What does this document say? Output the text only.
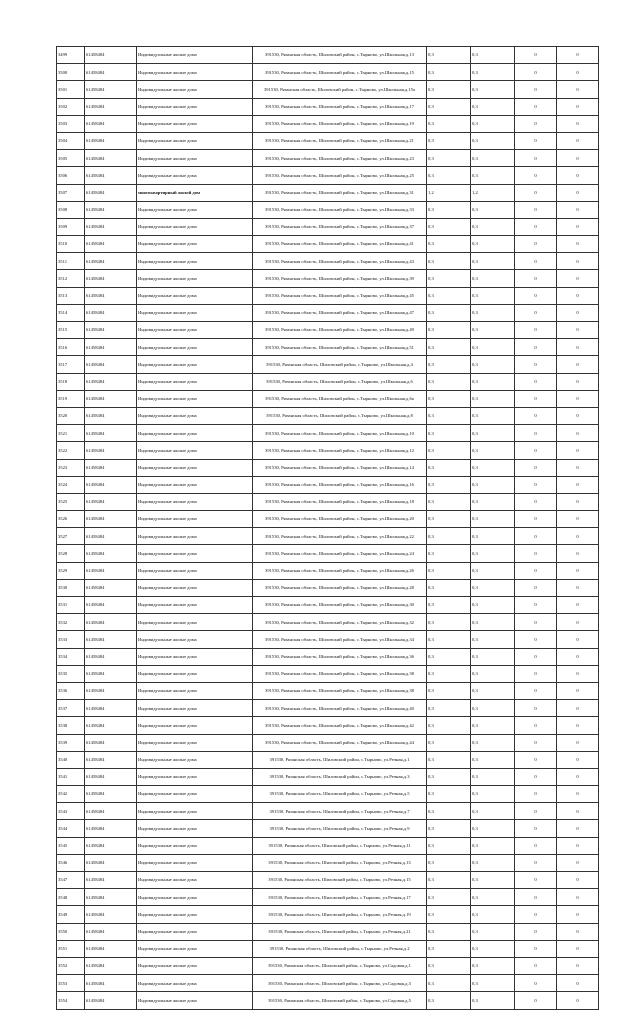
3499	61458484	Индивидуальные жилые дома	391530, Рязанская область, Шиловский район, с.Тырново, ул.Школьная,д.13	0,3	0,3	0	0
3500	61458484	Индивидуальные жилые дома	391530, Рязанская область, Шиловский район, с.Тырново, ул.Школьная,д.15	0,3	0,3	0	0
3501	61458484	Индивидуальные жилые дома	391530, Рязанская область, Шиловский район, с.Тырново, ул.Школьная,д.15а	0,3	0,3	0	0
3502	61458484	Индивидуальные жилые дома	391530, Рязанская область, Шиловский район, с.Тырново, ул.Школьная,д.17	0,3	0,3	0	0
3503	61458484	Индивидуальные жилые дома	391530, Рязанская область, Шиловский район, с.Тырново, ул.Школьная,д.19	0,3	0,3	0	0
3504	61458484	Индивидуальные жилые дома	391530, Рязанская область, Шиловский район, с.Тырново, ул.Школьная,д.21	0,3	0,3	0	0
3505	61458484	Индивидуальные жилые дома	391530, Рязанская область, Шиловский район, с.Тырново, ул.Школьная,д.23	0,3	0,3	0	0
3506	61458484	Индивидуальные жилые дома	391530, Рязанская область, Шиловский район, с.Тырново, ул.Школьная,д.25	0,3	0,3	0	0
3507	61458484	многоквартирный жилой дом	391530, Рязанская область, Шиловский район, с.Тырново, ул.Школьная,д.31	1,2	1,2	0	0
3508	61458484	Индивидуальные жилые дома	391530, Рязанская область, Шиловский район, с.Тырново, ул.Школьная,д.33	0,3	0,3	0	0
3509	61458484	Индивидуальные жилые дома	391530, Рязанская область, Шиловский район, с.Тырново, ул.Школьная,д.37	0,3	0,3	0	0
3510	61458484	Индивидуальные жилые дома	391530, Рязанская область, Шиловский район, с.Тырново, ул.Школьная,д.41	0,3	0,3	0	0
3511	61458484	Индивидуальные жилые дома	391530, Рязанская область, Шиловский район, с.Тырново, ул.Школьная,д.43	0,3	0,3	0	0
3512	61458484	Индивидуальные жилые дома	391530, Рязанская область, Шиловский район, с.Тырново, ул.Школьная,д.39	0,3	0,3	0	0
3513	61458484	Индивидуальные жилые дома	391530, Рязанская область, Шиловский район, с.Тырново, ул.Школьная,д.45	0,3	0,3	0	0
3514	61458484	Индивидуальные жилые дома	391530, Рязанская область, Шиловский район, с.Тырново, ул.Школьная,д.47	0,3	0,3	0	0
3515	61458484	Индивидуальные жилые дома	391530, Рязанская область, Шиловский район, с.Тырново, ул.Школьная,д.49	0,3	0,3	0	0
3516	61458484	Индивидуальные жилые дома	391530, Рязанская область, Шиловский район, с.Тырново, ул.Школьная,д.51	0,3	0,3	0	0
3517	61458484	Индивидуальные жилые дома	391530, Рязанская область, Шиловский район, с.Тырново, ул.Школьная,д.4	0,3	0,3	0	0
3518	61458484	Индивидуальные жилые дома	391530, Рязанская область, Шиловский район, с.Тырново, ул.Школьная,д.6	0,3	0,3	0	0
3519	61458484	Индивидуальные жилые дома	391530, Рязанская область, Шиловский район, с.Тырново, ул.Школьная,д.6а	0,3	0,3	0	0
3520	61458484	Индивидуальные жилые дома	391530, Рязанская область, Шиловский район, с.Тырново, ул.Школьная,д.8	0,3	0,3	0	0
3521	61458484	Индивидуальные жилые дома	391530, Рязанская область, Шиловский район, с.Тырново, ул.Школьная,д.10	0,3	0,3	0	0
3522	61458484	Индивидуальные жилые дома	391530, Рязанская область, Шиловский район, с.Тырново, ул.Школьная,д.12	0,3	0,3	0	0
3523	61458484	Индивидуальные жилые дома	391530, Рязанская область, Шиловский район, с.Тырново, ул.Школьная,д.14	0,3	0,3	0	0
3524	61458484	Индивидуальные жилые дома	391530, Рязанская область, Шиловский район, с.Тырново, ул.Школьная,д.16	0,3	0,3	0	0
3525	61458484	Индивидуальные жилые дома	391530, Рязанская область, Шиловский район, с.Тырново, ул.Школьная,д.18	0,3	0,3	0	0
3526	61458484	Индивидуальные жилые дома	391530, Рязанская область, Шиловский район, с.Тырново, ул.Школьная,д.20	0,3	0,3	0	0
3527	61458484	Индивидуальные жилые дома	391530, Рязанская область, Шиловский район, с.Тырново, ул.Школьная,д.22	0,3	0,3	0	0
3528	61458484	Индивидуальные жилые дома	391530, Рязанская область, Шиловский район, с.Тырново, ул.Школьная,д.24	0,3	0,3	0	0
3529	61458484	Индивидуальные жилые дома	391530, Рязанская область, Шиловский район, с.Тырново, ул.Школьная,д.26	0,3	0,3	0	0
3530	61458484	Индивидуальные жилые дома	391530, Рязанская область, Шиловский район, с.Тырново, ул.Школьная,д.28	0,3	0,3	0	0
3531	61458484	Индивидуальные жилые дома	391530, Рязанская область, Шиловский район, с.Тырново, ул.Школьная,д.30	0,3	0,3	0	0
3532	61458484	Индивидуальные жилые дома	391530, Рязанская область, Шиловский район, с.Тырново, ул.Школьная,д.32	0,3	0,3	0	0
3533	61458484	Индивидуальные жилые дома	391530, Рязанская область, Шиловский район, с.Тырново, ул.Школьная,д.34	0,3	0,3	0	0
3534	61458484	Индивидуальные жилые дома	391530, Рязанская область, Шиловский район, с.Тырново, ул.Школьная,д.36	0,3	0,3	0	0
3535	61458484	Индивидуальные жилые дома	391530, Рязанская область, Шиловский район, с.Тырново, ул.Школьная,д.38	0,3	0,3	0	0
3536	61458484	Индивидуальные жилые дома	391530, Рязанская область, Шиловский район, с.Тырново, ул.Школьная,д.38	0,3	0,3	0	0
3537	61458484	Индивидуальные жилые дома	391530, Рязанская область, Шиловский район, с.Тырново, ул.Школьная,д.40	0,3	0,3	0	0
3538	61458484	Индивидуальные жилые дома	391530, Рязанская область, Шиловский район, с.Тырново, ул.Школьная,д.42	0,3	0,3	0	0
3539	61458484	Индивидуальные жилые дома	391530, Рязанская область, Шиловский район, с.Тырново, ул.Школьная,д.44	0,3	0,3	0	0
3540	61458484	Индивидуальные жилые дома	391530, Рязанская область, Шиловский район, с.Тырново, ул.Речная,д.1	0,3	0,3	0	0
3541	61458484	Индивидуальные жилые дома	391530, Рязанская область, Шиловский район, с.Тырново, ул.Речная,д.3	0,3	0,3	0	0
3542	61458484	Индивидуальные жилые дома	391530, Рязанская область, Шиловский район, с.Тырново, ул.Речная,д.5	0,3	0,3	0	0
3543	61458484	Индивидуальные жилые дома	391530, Рязанская область, Шиловский район, с.Тырново, ул.Речная,д.7	0,3	0,3	0	0
3544	61458484	Индивидуальные жилые дома	391530, Рязанская область, Шиловский район, с.Тырново, ул.Речная,д.9	0,3	0,3	0	0
3545	61458484	Индивидуальные жилые дома	391530, Рязанская область, Шиловский район, с.Тырново, ул.Речная,д.11	0,3	0,3	0	0
3546	61458484	Индивидуальные жилые дома	391530, Рязанская область, Шиловский район, с.Тырново, ул.Речная,д.13	0,3	0,3	0	0
3547	61458484	Индивидуальные жилые дома	391530, Рязанская область, Шиловский район, с.Тырново, ул.Речная,д.15	0,3	0,3	0	0
3548	61458484	Индивидуальные жилые дома	391530, Рязанская область, Шиловский район, с.Тырново, ул.Речная,д.17	0,3	0,3	0	0
3549	61458484	Индивидуальные жилые дома	391530, Рязанская область, Шиловский район, с.Тырново, ул.Речная,д.19	0,3	0,3	0	0
3550	61458484	Индивидуальные жилые дома	391530, Рязанская область, Шиловский район, с.Тырново, ул.Речная,д.21	0,3	0,3	0	0
3551	61458484	Индивидуальные жилые дома	391530, Рязанская область, Шиловский район, с.Тырново, ул.Речная,д.2	0,3	0,3	0	0
3552	61458484	Индивидуальные жилые дома	391530, Рязанская область, Шиловский район, с.Тырново, ул.Садовая,д.1	0,3	0,3	0	0
3553	61458484	Индивидуальные жилые дома	391530, Рязанская область, Шиловский район, с.Тырново, ул.Садовая,д.3	0,3	0,3	0	0
3554	61458484	Индивидуальные жилые дома	391530, Рязанская область, Шиловский район, с.Тырново, ул.Садовая,д.5	0,3	0,3	0	0
